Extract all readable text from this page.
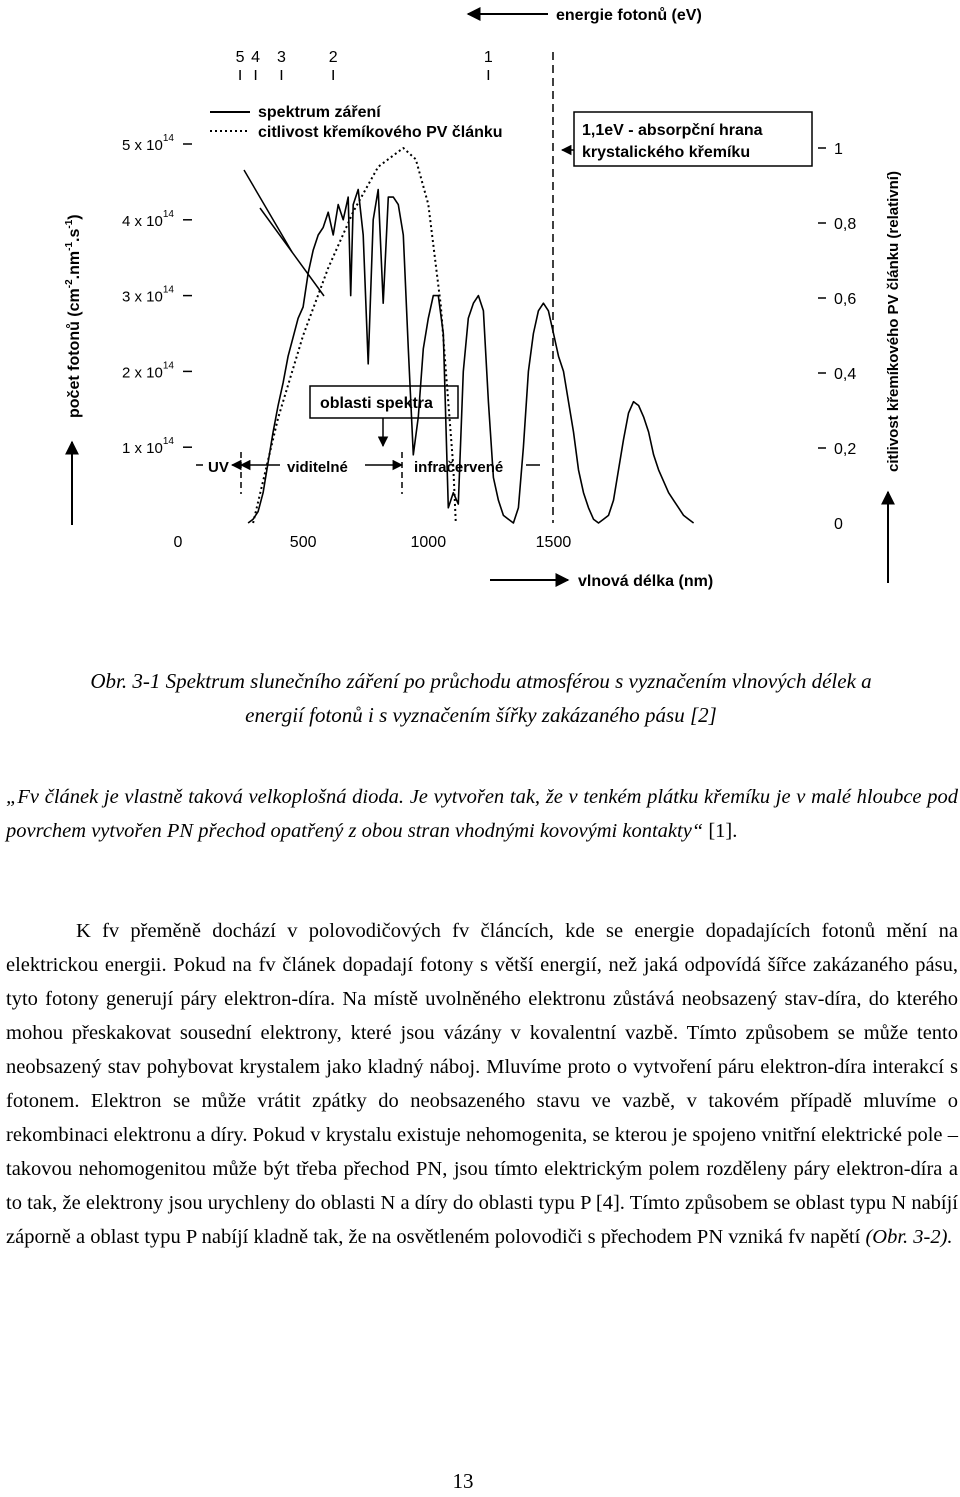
energie fotonů (eV)
počet fotonů $(cm^{-2}.nm^{-1}.s^{-1})$	citlivost křemíkového PV článku (relativní)
vlnová délka (nm)
spektrum záření
citlivost křemíkového PV článku	1,1eV - absorpční hrana
krystalického křemíku
oblasti spektra
UV	viditelné	infračervené
1 x $10^{14}$
2 x $10^{14}$
3 x $10^{14}$
4 x $10^{14}$
5 x $10^{14}$
0
0,2
0,4
0,6
0,8
1
0	500	1000	1500
5 4 3	2	1

Obr. 3-1 Spektrum slunečního záření po průchodu atmosférou s vyznačením vlnových délek a
energií fotonů i s vyznačením šířky zakázaného pásu [2]

„Fv článek je vlastně taková velkoplošná dioda. Je vytvořen tak, že v tenkém plátku křemíku je v malé hloubce pod povrchem vytvořen PN přechod opatřený z obou stran vhodnými kovovými kontakty“ [1].

K fv přeměně dochází v polovodičových fv článcích, kde se energie dopadajících fotonů mění na elektrickou energii. Pokud na fv článek dopadají fotony s větší energií, než jaká odpovídá šířce zakázaného pásu, tyto fotony generují páry elektron-díra. Na místě uvolněného elektronu zůstává neobsazený stav-díra, do kterého mohou přeskakovat sousední elektrony, které jsou vázány v kovalentní vazbě. Tímto způsobem se může tento neobsazený stav pohybovat krystalem jako kladný náboj. Mluvíme proto o vytvoření páru elektron-díra interakcí s fotonem. Elektron se může vrátit zpátky do neobsazeného stavu ve vazbě, v takovém případě mluvíme o rekombinaci elektronu a díry. Pokud v krystalu existuje nehomogenita, se kterou je spojeno vnitřní elektrické pole – takovou nehomogenitou může být třeba přechod PN, jsou tímto elektrickým polem rozděleny páry elektron-díra a to tak, že elektrony jsou urychleny do oblasti N a díry do oblasti typu P [4]. Tímto způsobem se oblast typu N nabíjí záporně a oblast typu P nabíjí kladně tak, že na osvětleném polovodiči s přechodem PN vzniká fv napětí (Obr. 3-2).

13
